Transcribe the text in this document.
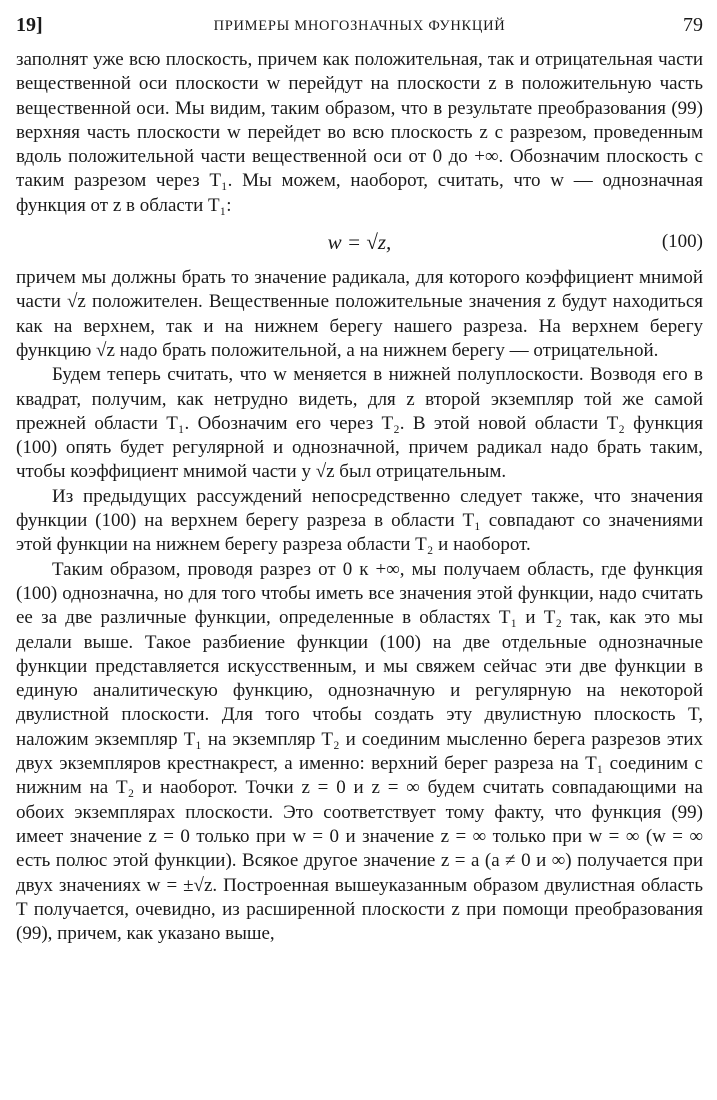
19]	ПРИМЕРЫ МНОГОЗНАЧНЫХ ФУНКЦИЙ	79

заполнят уже всю плоскость, причем как положительная, так и отрицательная части вещественной оси плоскости w перейдут на плоскости z в положительную часть вещественной оси. Мы видим, таким образом, что в результате преобразования (99) верхняя часть плоскости w перейдет во всю плоскость z с разрезом, проведенным вдоль положительной части вещественной оси от 0 до +∞. Обозначим плоскость с таким разрезом через T₁. Мы можем, наоборот, считать, что w — однозначная функция от z в области T₁:

w = √z,	(100)

причем мы должны брать то значение радикала, для которого коэффициент мнимой части √z положителен. Вещественные положительные значения z будут находиться как на верхнем, так и на нижнем берегу нашего разреза. На верхнем берегу функцию √z надо брать положительной, а на нижнем берегу — отрицательной.

Будем теперь считать, что w меняется в нижней полуплоскости. Возводя его в квадрат, получим, как нетрудно видеть, для z второй экземпляр той же самой прежней области T₁. Обозначим его через T₂. В этой новой области T₂ функция (100) опять будет регулярной и однозначной, причем радикал надо брать таким, чтобы коэффициент мнимой части у √z был отрицательным.

Из предыдущих рассуждений непосредственно следует также, что значения функции (100) на верхнем берегу разреза в области T₁ совпадают со значениями этой функции на нижнем берегу разреза области T₂ и наоборот.

Таким образом, проводя разрез от 0 к +∞, мы получаем область, где функция (100) однозначна, но для того чтобы иметь все значения этой функции, надо считать ее за две различные функции, определенные в областях T₁ и T₂ так, как это мы делали выше. Такое разбиение функции (100) на две отдельные однозначные функции представляется искусственным, и мы свяжем сейчас эти две функции в единую аналитическую функцию, однозначную и регулярную на некоторой двулистной плоскости. Для того чтобы создать эту двулистную плоскость T, наложим экземпляр T₁ на экземпляр T₂ и соединим мысленно берега разрезов этих двух экземпляров крестнакрест, а именно: верхний берег разреза на T₁ соединим с нижним на T₂ и наоборот. Точки z = 0 и z = ∞ будем считать совпадающими на обоих экземплярах плоскости. Это соответствует тому факту, что функция (99) имеет значение z = 0 только при w = 0 и значение z = ∞ только при w = ∞ (w = ∞ есть полюс этой функции). Всякое другое значение z = a (a ≠ 0 и ∞) получается при двух значениях w = ±√z. Построенная вышеуказанным образом двулистная область T получается, очевидно, из расширенной плоскости z при помощи преобразования (99), причем, как указано выше,
